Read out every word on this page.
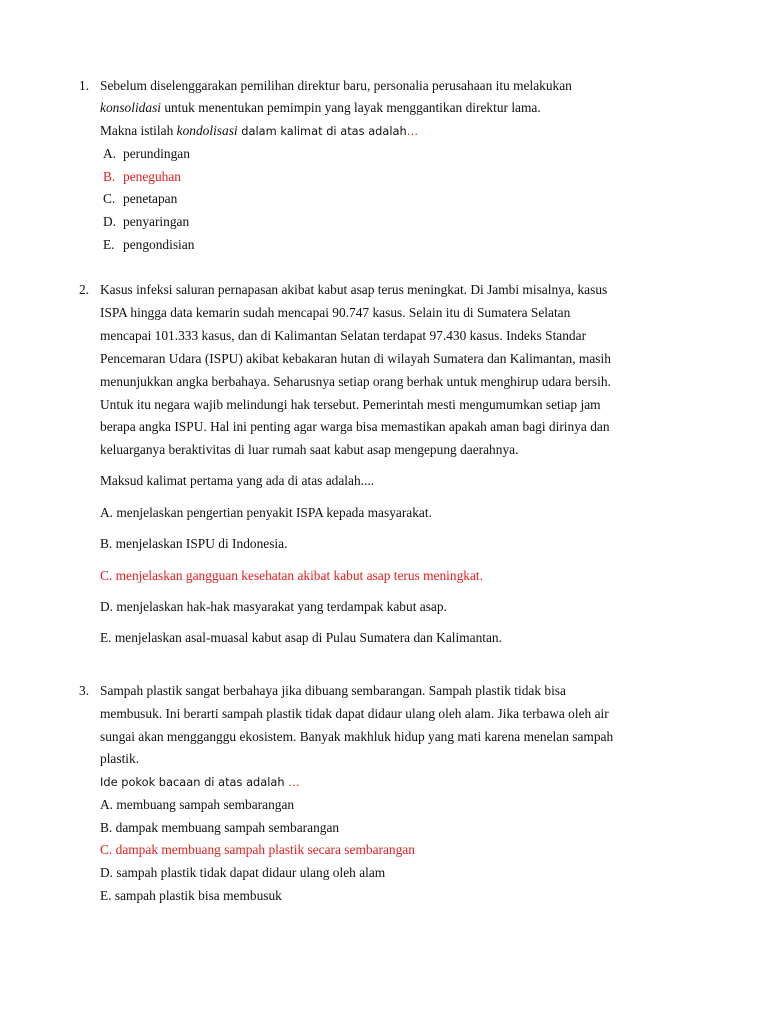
1. Sebelum diselenggarakan pemilihan direktur baru, personalia perusahaan itu melakukan
konsolidasi untuk menentukan pemimpin yang layak menggantikan direktur lama.
Makna istilah kondolisasi dalam kalimat di atas adalah…
A. perundingan
B. peneguhan
C. penetapan
D. penyaringan
E. pengondisian
2. Kasus infeksi saluran pernapasan akibat kabut asap terus meningkat. Di Jambi misalnya, kasus
ISPA hingga data kemarin sudah mencapai 90.747 kasus. Selain itu di Sumatera Selatan
mencapai 101.333 kasus, dan di Kalimantan Selatan terdapat 97.430 kasus. Indeks Standar
Pencemaran Udara (ISPU) akibat kebakaran hutan di wilayah Sumatera dan Kalimantan, masih
menunjukkan angka berbahaya. Seharusnya setiap orang berhak untuk menghirup udara bersih.
Untuk itu negara wajib melindungi hak tersebut. Pemerintah mesti mengumumkan setiap jam
berapa angka ISPU. Hal ini penting agar warga bisa memastikan apakah aman bagi dirinya dan
keluarganya beraktivitas di luar rumah saat kabut asap mengepung daerahnya.
Maksud kalimat pertama yang ada di atas adalah....
A. menjelaskan pengertian penyakit ISPA kepada masyarakat.
B. menjelaskan ISPU di Indonesia.
C. menjelaskan gangguan kesehatan akibat kabut asap terus meningkat.
D. menjelaskan hak-hak masyarakat yang terdampak kabut asap.
E. menjelaskan asal-muasal kabut asap di Pulau Sumatera dan Kalimantan.
3. Sampah plastik sangat berbahaya jika dibuang sembarangan. Sampah plastik tidak bisa
membusuk. Ini berarti sampah plastik tidak dapat didaur ulang oleh alam. Jika terbawa oleh air
sungai akan mengganggu ekosistem. Banyak makhluk hidup yang mati karena menelan sampah
plastik.
Ide pokok bacaan di atas adalah …
A. membuang sampah sembarangan
B. dampak membuang sampah sembarangan
C. dampak membuang sampah plastik secara sembarangan
D. sampah plastik tidak dapat didaur ulang oleh alam
E. sampah plastik bisa membusuk
